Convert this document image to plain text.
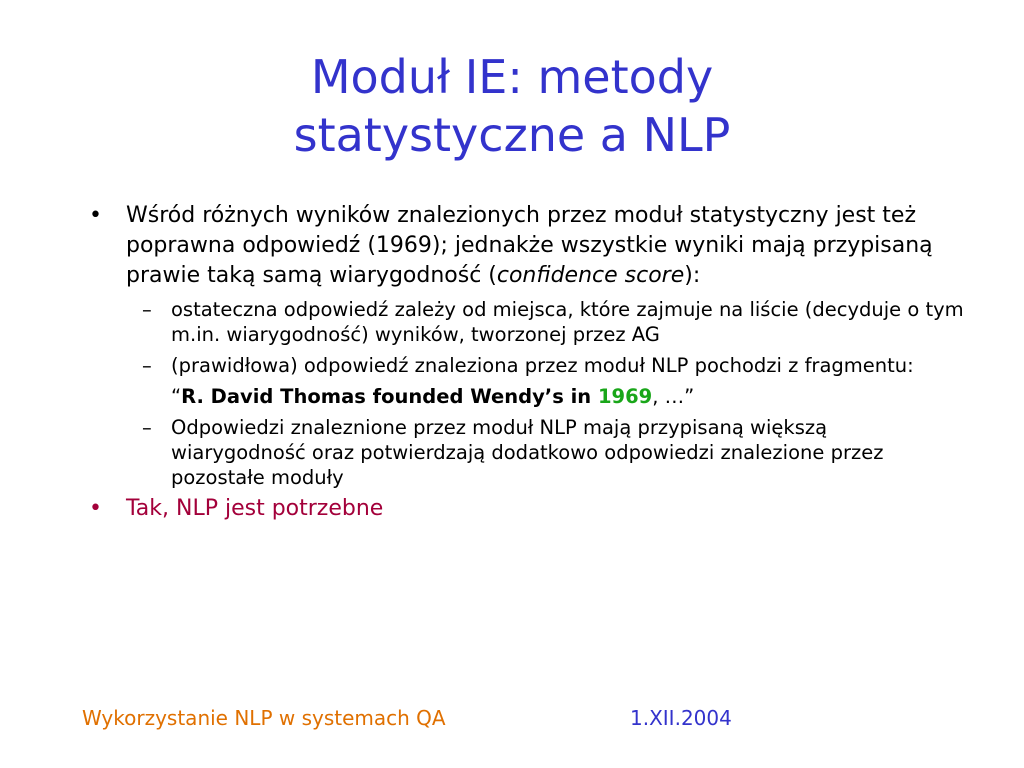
Moduł IE: metody
statystyczne a NLP
• Wśród różnych wyników znalezionych przez moduł statystyczny jest też poprawna odpowiedź (1969); jednakże wszystkie wyniki mają przypisaną prawie taką samą wiarygodność (confidence score):
– ostateczna odpowiedź zależy od miejsca, które zajmuje na liście (decyduje o tym m.in. wiarygodność) wyników, tworzonej przez AG
– (prawidłowa) odpowiedź znaleziona przez moduł NLP pochodzi z fragmentu:
“R. David Thomas founded Wendy’s in 1969, …”
– Odpowiedzi znaleznione przez moduł NLP mają przypisaną większą wiarygodność oraz potwierdzają dodatkowo odpowiedzi znalezione przez pozostałe moduły
• Tak, NLP jest potrzebne
Wykorzystanie NLP w systemach QA	1.XII.2004
